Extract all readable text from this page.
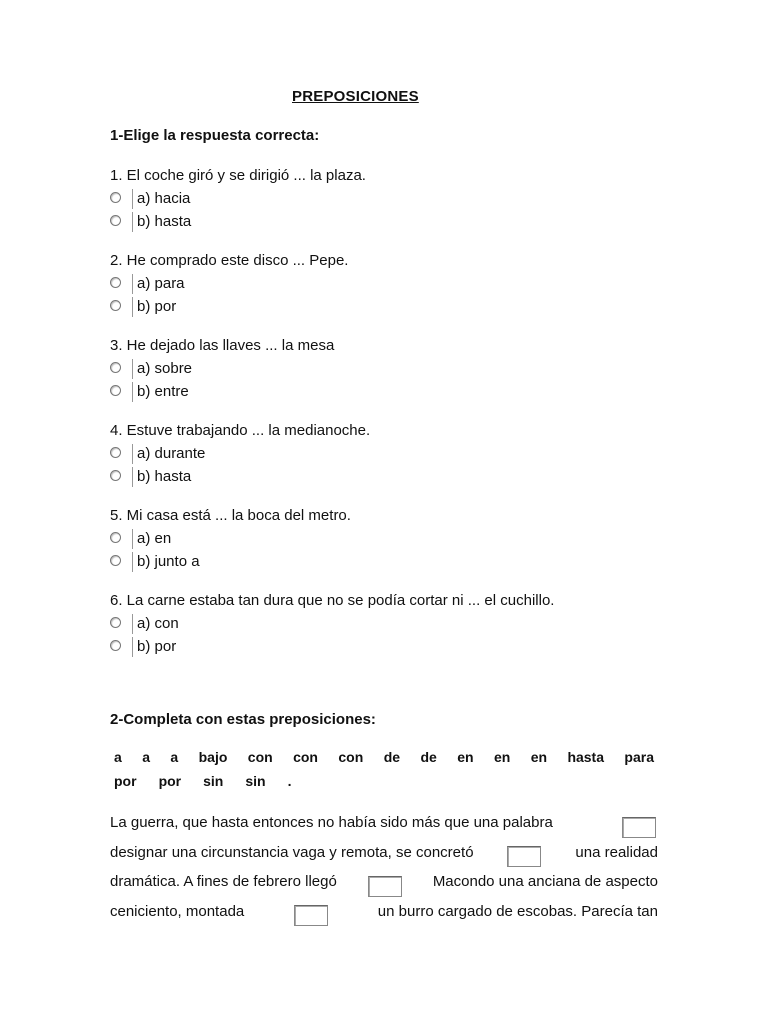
PREPOSICIONES
1-Elige la respuesta correcta:
1. El coche giró y se dirigió ... la plaza.
a) hacia
b) hasta
2. He comprado este disco ... Pepe.
a) para
b) por
3. He dejado las llaves ... la mesa
a) sobre
b) entre
4. Estuve trabajando ... la medianoche.
a) durante
b) hasta
5. Mi casa está ... la boca del metro.
a) en
b) junto a
6. La carne estaba tan dura que no se podía cortar ni ... el cuchillo.
a) con
b) por
2-Completa con estas preposiciones:
a a a bajo con con con de de en en en hasta para
por por sin sin .
La guerra, que hasta entonces no había sido más que una palabra
designar una circunstancia vaga y remota, se concretó	una realidad
dramática. A fines de febrero llegó	Macondo una anciana de aspecto
ceniciento, montada	un burro cargado de escobas. Parecía tan
